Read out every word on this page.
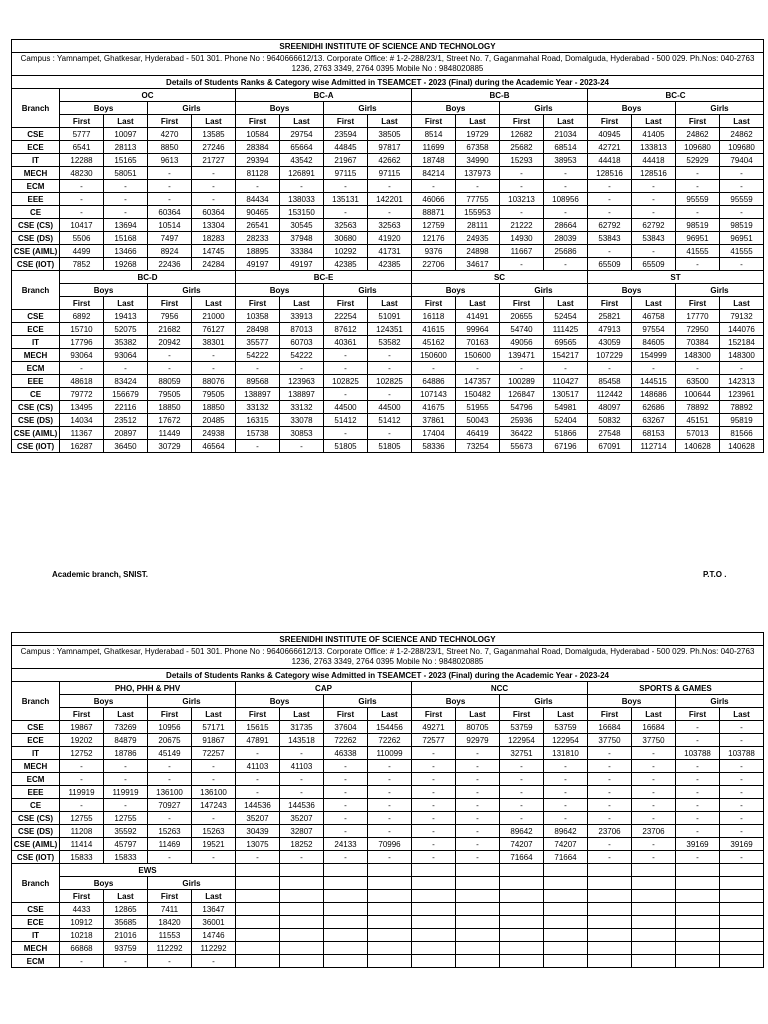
SREENIDHI INSTITUTE OF SCIENCE AND TECHNOLOGY																
Campus : Yamnampet, Ghatkesar, Hyderabad - 501 301. Phone No : 9640666612/13. Corporate Office: # 1-2-288/23/1, Street No. 7, Gaganmahal Road, Domalguda, Hyderabad - 500 029. Ph.Nos: 040-2763 1236, 2763 3349, 2764 0395 Mobile No : 9848020885																
Details of Students Ranks & Category wise Admitted in TSEAMCET - 2023 (Final) during the Academic Year - 2023-24																
Branch	OC				BC-A				BC-B				BC-C			
	Boys		Girls		Boys		Girls		Boys		Girls		Boys		Girls	
	First	Last	First	Last	First	Last	First	Last	First	Last	First	Last	First	Last	First	Last
CSE	5777	10097	4270	13585	10584	29754	23594	38505	8514	19729	12682	21034	40945	41405	24862	24862
ECE	6541	28113	8850	27246	28384	65664	44845	97817	11699	67358	25682	68514	42721	133813	109680	109680
IT	12288	15165	9613	21727	29394	43542	21967	42662	18748	34990	15293	38953	44418	44418	52929	79404
MECH	48230	58051	-	-	81128	126891	97115	97115	84214	137973	-	-	128516	128516	-	-
ECM	-	-	-	-	-	-	-	-	-	-	-	-	-	-	-	-
EEE	-	-	-	-	84434	138033	135131	142201	46066	77755	103213	108956	-	-	95559	95559
CE	-	-	60364	60364	90465	153150	-	-	88871	155953	-	-	-	-	-	-
CSE (CS)	10417	13694	10514	13304	26541	30545	32563	32563	12759	28111	21222	28664	62792	62792	98519	98519
CSE (DS)	5506	15168	7497	18283	28233	37948	30680	41920	12176	24935	14930	28039	53843	53843	96951	96951
CSE (AIML)	4499	13466	8924	14745	18895	33384	10292	41731	9376	24898	11667	25686	-	-	41555	41555
CSE (IOT)	7852	19268	22436	24284	49197	49197	42385	42385	22706	34617	-	-	65509	65509	-	-
Branch	BC-D				BC-E				SC				ST			
	Boys		Girls		Boys		Girls		Boys		Girls		Boys		Girls	
	First	Last	First	Last	First	Last	First	Last	First	Last	First	Last	First	Last	First	Last
CSE	6892	19413	7956	21000	10358	33913	22254	51091	16118	41491	20655	52454	25821	46758	17770	79132
ECE	15710	52075	21682	76127	28498	87013	87612	124351	41615	99964	54740	111425	47913	97554	72950	144076
IT	17796	35382	20942	38301	35577	60703	40361	53582	45162	70163	49056	69565	43059	84605	70384	152184
MECH	93064	93064	-	-	54222	54222	-	-	150600	150600	139471	154217	107229	154999	148300	148300
ECM	-	-	-	-	-	-	-	-	-	-	-	-	-	-	-	-
EEE	48618	83424	88059	88076	89568	123963	102825	102825	64886	147357	100289	110427	85458	144515	63500	142313
CE	79772	156679	79505	79505	138897	138897	-	-	107143	150482	126847	130517	112442	148686	100644	123961
CSE (CS)	13495	22116	18850	18850	33132	33132	44500	44500	41675	51955	54796	54981	48097	62686	78892	78892
CSE (DS)	14034	23512	17672	20485	16315	33078	51412	51412	37861	50043	25936	52404	50832	63267	45151	95819
CSE (AIML)	11367	20897	11449	24938	15738	30853	-	-	17404	46419	36422	51866	27548	68153	57013	81566
CSE (IOT)	16287	36450	30729	46564	-	-	51805	51805	58336	73254	55673	67196	67091	112714	140628	140628
Academic branch, SNIST.	P.T.O .
SREENIDHI INSTITUTE OF SCIENCE AND TECHNOLOGY																
Campus : Yamnampet, Ghatkesar, Hyderabad - 501 301. Phone No : 9640666612/13. Corporate Office: # 1-2-288/23/1, Street No. 7, Gaganmahal Road, Domalguda, Hyderabad - 500 029. Ph.Nos: 040-2763 1236, 2763 3349, 2764 0395 Mobile No : 9848020885																
Details of Students Ranks & Category wise Admitted in TSEAMCET - 2023 (Final) during the Academic Year - 2023-24																
Branch	PHO, PHH & PHV				CAP				NCC				SPORTS & GAMES			
	Boys		Girls		Boys		Girls		Boys		Girls		Boys		Girls	
	First	Last	First	Last	First	Last	First	Last	First	Last	First	Last	First	Last	First	Last
CSE	19867	73269	10956	57171	15615	31735	37604	154456	49271	80705	53759	53759	16684	16684	-	-
ECE	19202	84879	20675	91867	47891	143518	72262	72262	72577	92979	122954	122954	37750	37750	-	-
IT	12752	18786	45149	72257	-	-	46338	110099	-	-	32751	131810	-	-	103788	103788
MECH	-	-	-	-	41103	41103	-	-	-	-	-	-	-	-	-	-
ECM	-	-	-	-	-	-	-	-	-	-	-	-	-	-	-	-
EEE	119919	119919	136100	136100	-	-	-	-	-	-	-	-	-	-	-	-
CE	-	-	70927	147243	144536	144536	-	-	-	-	-	-	-	-	-	-
CSE (CS)	12755	12755	-	-	35207	35207	-	-	-	-	-	-	-	-	-	-
CSE (DS)	11208	35592	15263	15263	30439	32807	-	-	-	-	89642	89642	23706	23706	-	-
CSE (AIML)	11414	45797	11469	19521	13075	18252	24133	70996	-	-	74207	74207	-	-	39169	39169
CSE (IOT)	15833	15833	-	-	-	-	-	-	-	-	71664	71664	-	-	-	-
Branch	EWS															
	Boys		Girls													
	First	Last	First	Last												
CSE	4433	12865	7411	13647												
ECE	10912	35685	18420	36001												
IT	10218	21016	11553	14746												
MECH	66868	93759	112292	112292												
ECM	-	-	-	-												
